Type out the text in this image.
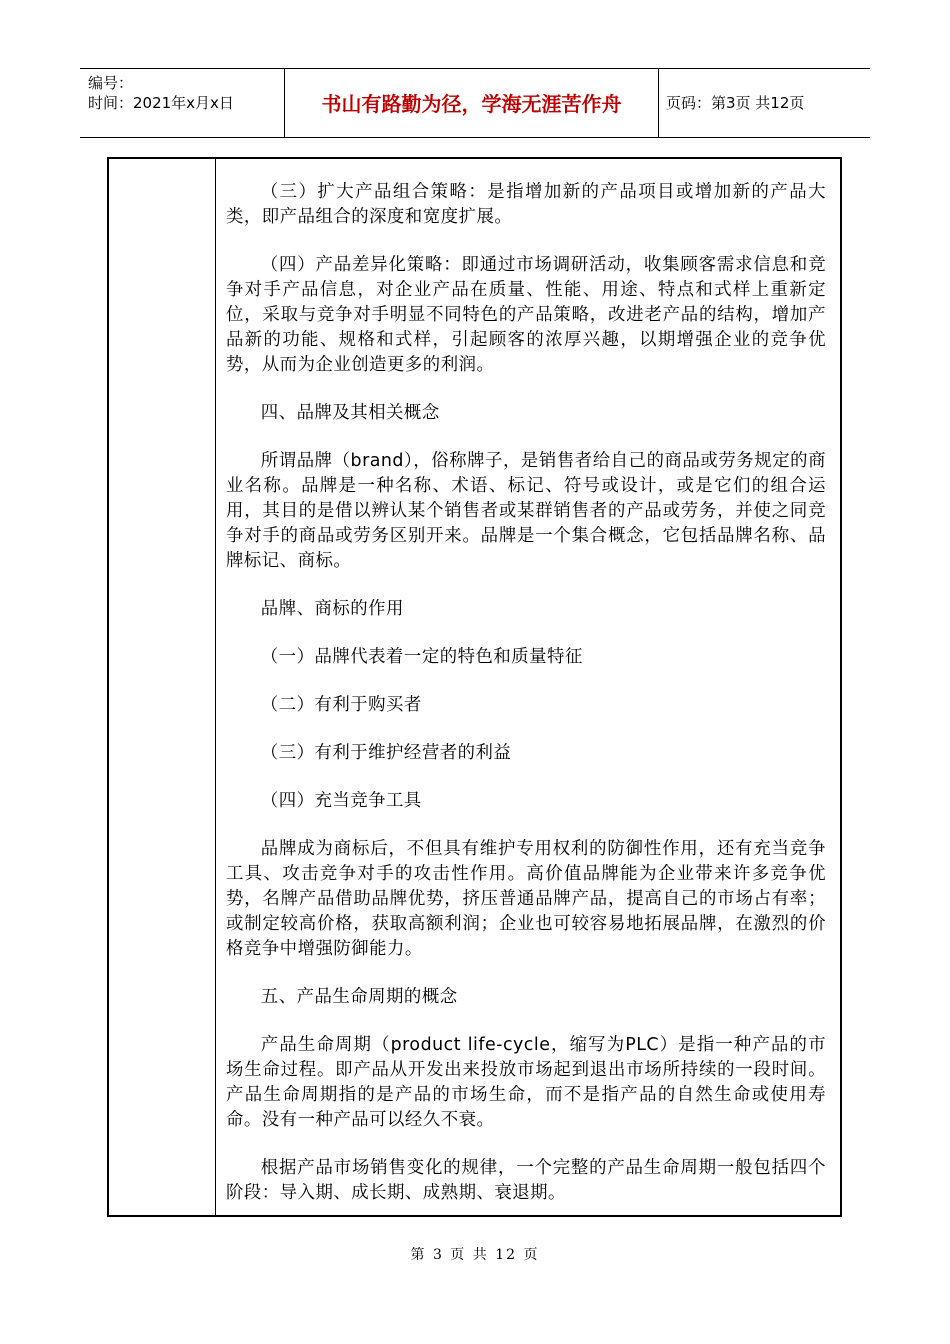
编号：
时间：2021年x月x日	书山有路勤为径，学海无涯苦作舟	页码：第3页 共12页

（三）扩大产品组合策略：是指增加新的产品项目或增加新的产品大类，即产品组合的深度和宽度扩展。

（四）产品差异化策略：即通过市场调研活动，收集顾客需求信息和竞争对手产品信息，对企业产品在质量、性能、用途、特点和式样上重新定位，采取与竞争对手明显不同特色的产品策略，改进老产品的结构，增加产品新的功能、规格和式样，引起顾客的浓厚兴趣，以期增强企业的竞争优势，从而为企业创造更多的利润。

四、品牌及其相关概念

所谓品牌（brand），俗称牌子，是销售者给自己的商品或劳务规定的商业名称。品牌是一种名称、术语、标记、符号或设计，或是它们的组合运用，其目的是借以辨认某个销售者或某群销售者的产品或劳务，并使之同竞争对手的商品或劳务区别开来。品牌是一个集合概念，它包括品牌名称、品牌标记、商标。

品牌、商标的作用

（一）品牌代表着一定的特色和质量特征

（二）有利于购买者

（三）有利于维护经营者的利益

（四）充当竞争工具

品牌成为商标后，不但具有维护专用权利的防御性作用，还有充当竞争工具、攻击竞争对手的攻击性作用。高价值品牌能为企业带来许多竞争优势，名牌产品借助品牌优势，挤压普通品牌产品，提高自己的市场占有率；或制定较高价格，获取高额利润；企业也可较容易地拓展品牌，在激烈的价格竞争中增强防御能力。

五、产品生命周期的概念

产品生命周期（product life-cycle，缩写为PLC）是指一种产品的市场生命过程。即产品从开发出来投放市场起到退出市场所持续的一段时间。产品生命周期指的是产品的市场生命，而不是指产品的自然生命或使用寿命。没有一种产品可以经久不衰。

根据产品市场销售变化的规律，一个完整的产品生命周期一般包括四个阶段：导入期、成长期、成熟期、衰退期。

第 3 页 共 12 页
